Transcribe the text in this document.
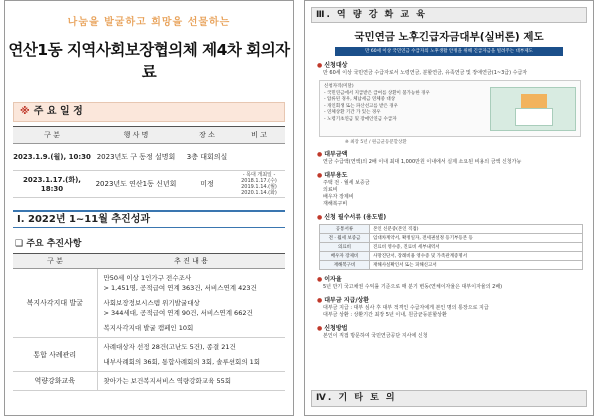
나눔을 발굴하고 희망을 선물하는
연산1동 지역사회보장협의체 제4차 회의자료
※ 주 요 일 정
구 분	행 사 명	장 소	비 고
2023.1.9.(월), 10:30	2023년도 구 동정 설명회	3층 대회의실	
2023.1.17.(화), 18:30	2023년도 연산1동 신년회	미정	- 목대 개최일 -
2018.1.17.(수)
2019.1.14.(월)
2020.1.14.(화)
Ⅰ. 2022년 1~11월 추진성과
❑ 주요 추진사항
구 분	추 진 내 용
복지사각지대 발굴	만50세 이상 1인가구 전수조사

> 1,451명, 공적급여 연계 363건, 서비스연계 423건

사회보장정보시스템 위기발굴대상

> 344세대, 공적급여 연계 90건, 서비스연계 662건

복지사각지대 발굴 캠페인 10회

통합 사례관리	사례대상자 선정 28건(고난도 5건), 종결 21건

내부사례회의 36회, 통합사례회의 3회, 솔루션회의 1회

역량강화교육	찾아가는 보건복지서비스 역량강화교육 55회

Ⅲ. 역 량 강 화 교 육
국민연금 노후긴급자금대부(실버론) 제도
만 60세 이상 국민연금 수급자의 노후생활 안정을 위해 긴급자금을 빌려주는 대부제도
● 신청대상
만 60세 이상 국민연금 수급자로서 노령연금, 분할연금, 유족연금 및 장애연금(1~3급) 수급자
신청자격(미달)
- 국민연금에서 지급받은 급여를 상환이 불가능한 경우
- 압류된 경우, 체납세금 연체중 대상
- 개인회생 또는 파산선고를 받은 경우
- 연체상환 기간 가 있는 경우
- 노령기초연금 및 장애인연금 수급자
※ 최장 5년 / 원금균등분할상환
● 대부금액
연금 수급액(연액)의 2배 이내 최대 1,000만원 이내에서 실제 소요된 비용의 금액 신청가능
● 대부용도
주택 전 · 월세 보증금
의료비
배우자 장제비
재해복구비
● 신청 필수서류 (용도별)
공통서류	본인 신분증(본인 직접)
전 · 월세 보증금	임대차계약서, 확정일자, 전세권설정 등기부등본 등
의료비	진료비 영수증, 진료비 세부내역서
배우자 장제비	사망진단서, 장례비용 영수증 및 가족관계증명서
재해복구비	재해사실확인서 또는 피해신고서
● 이자율
5년 만기 국고채권 수익률 기준으로 매 분기 변동(연체이자율은 대부이자율의 2배)
● 대부금 지급/상환
대부금 지급 : 대부 심사 후 대부 적격인 수급자에게 본인 명의 통장으로 지급
대부금 상환 : 상환기간 최장 5년 이내, 원금균등분할상환
● 신청방법
본인이 직접 방문하여 국민연금공단 지사에 신청
Ⅳ. 기 타 토 의
